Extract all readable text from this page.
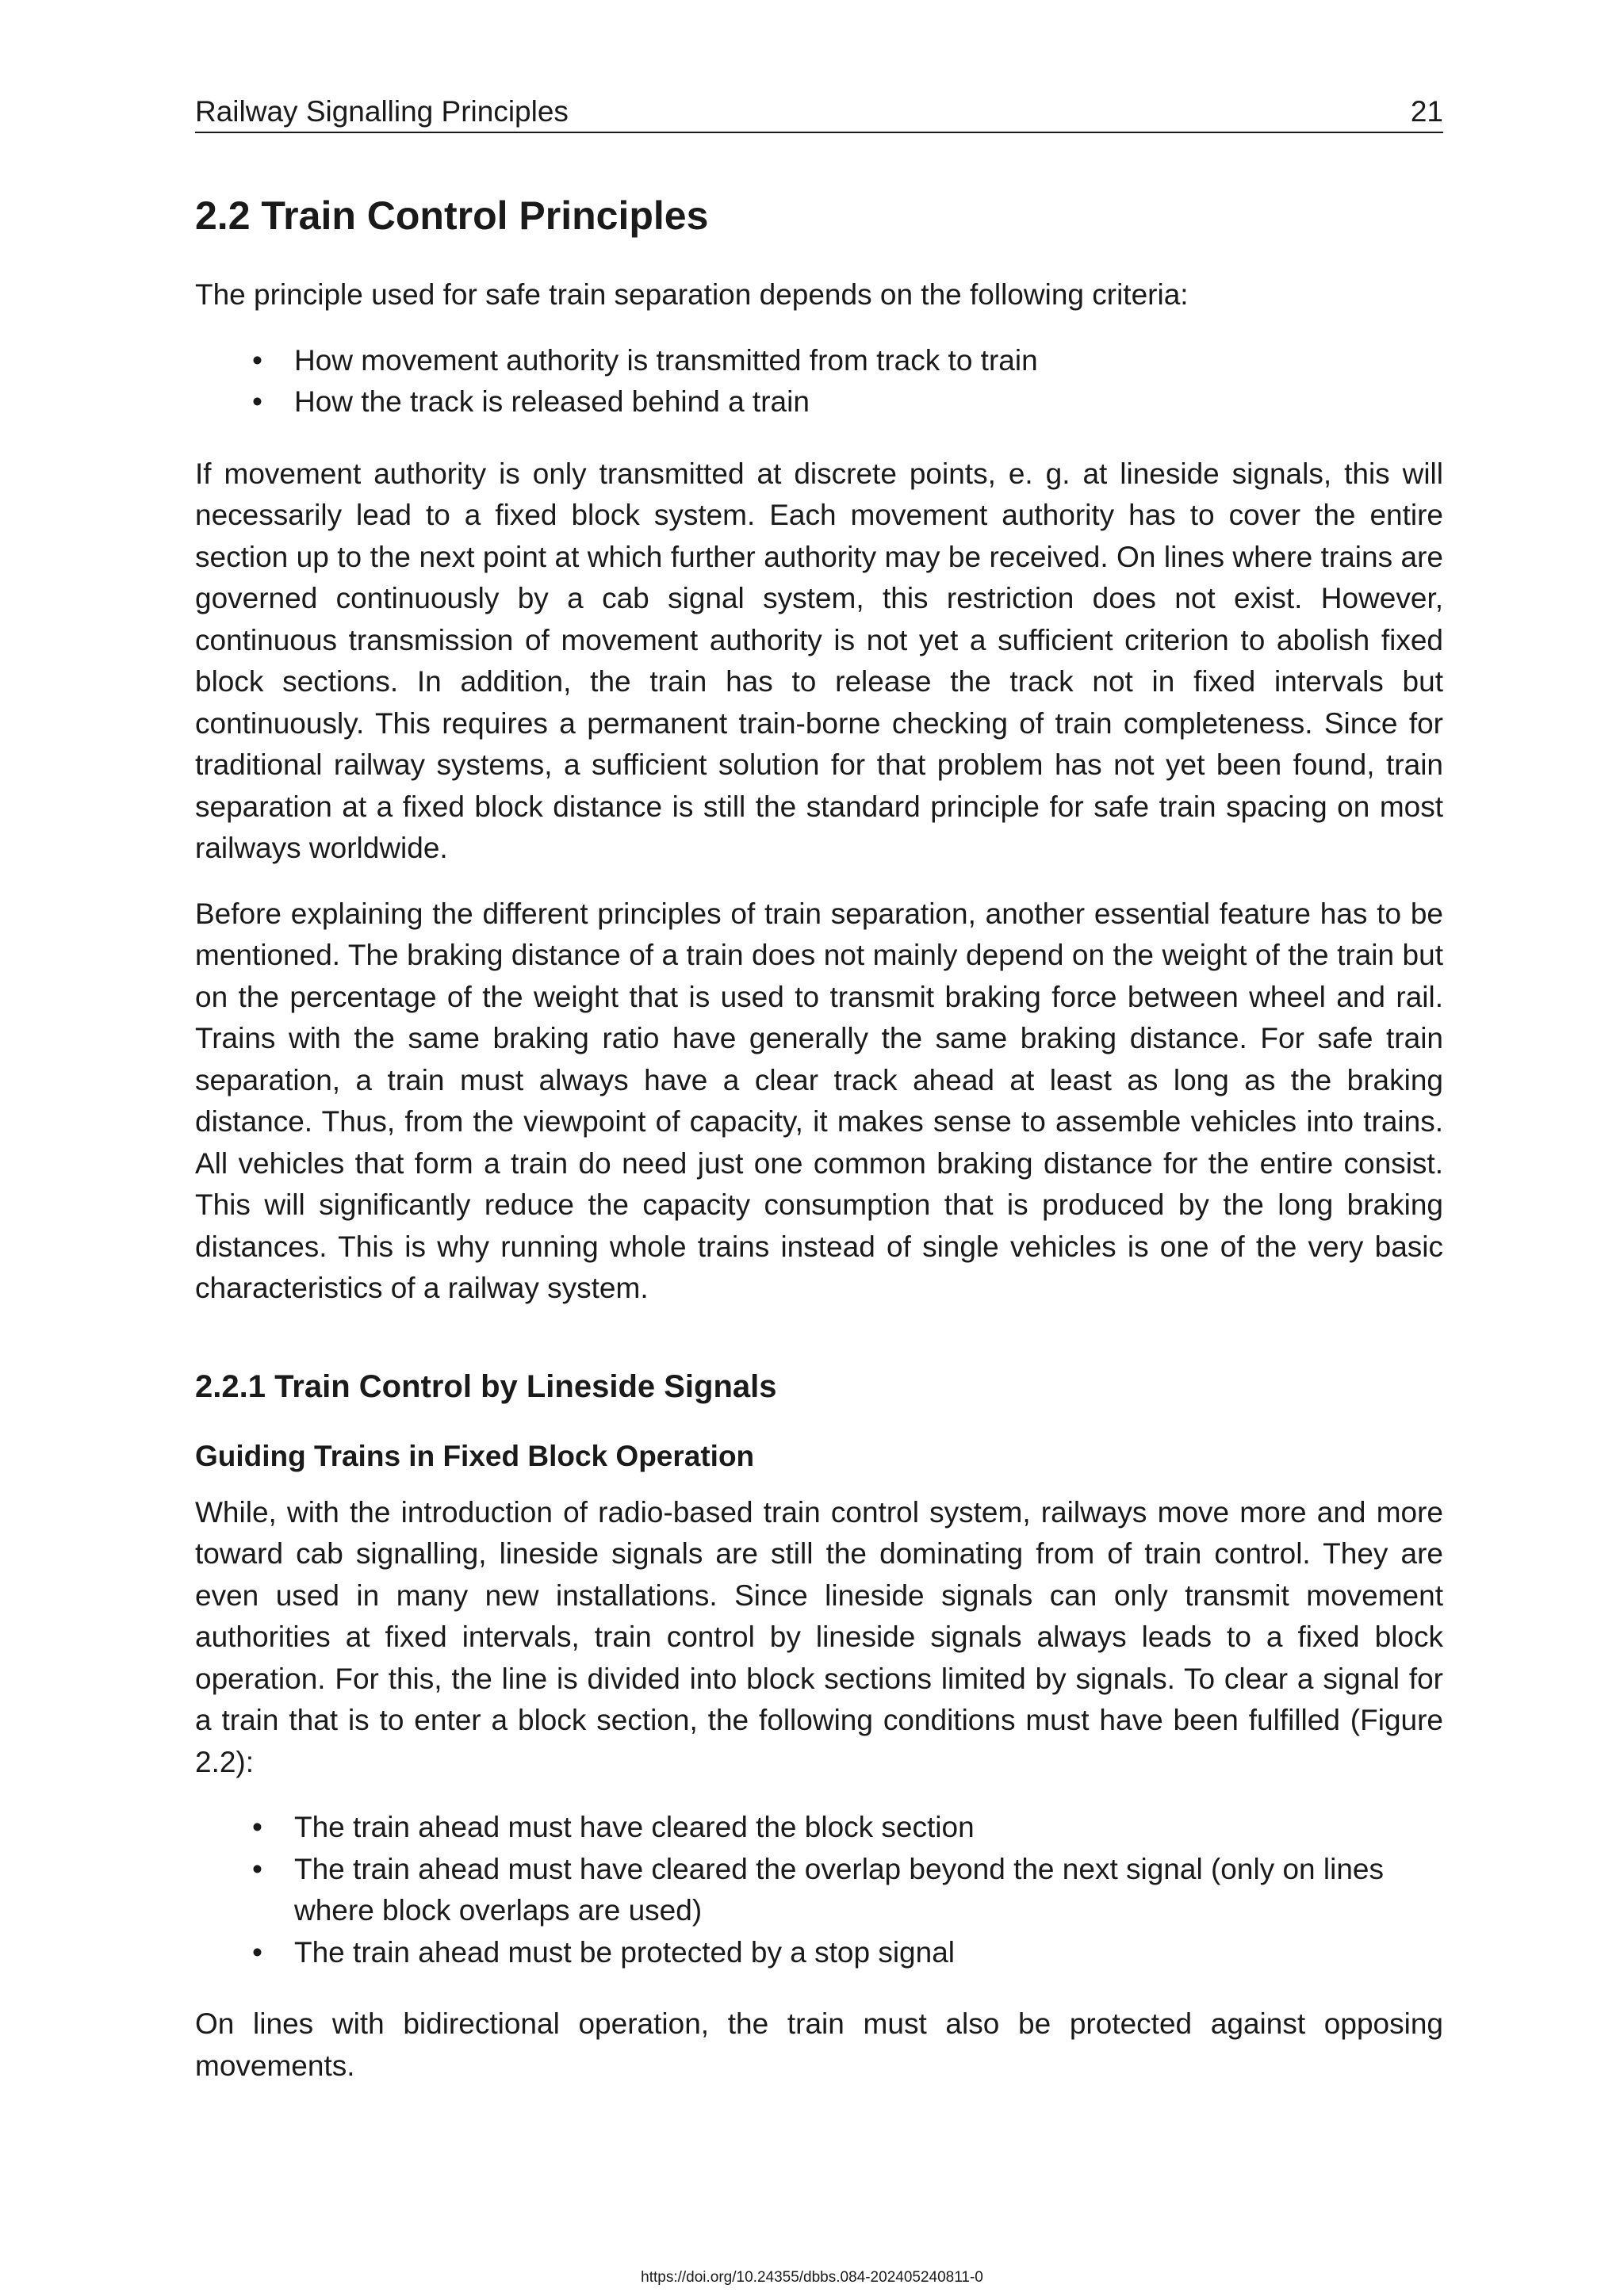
Railway Signalling Principles	21
2.2 Train Control Principles

The principle used for safe train separation depends on the following criteria:

• How movement authority is transmitted from track to train
• How the track is released behind a train

If movement authority is only transmitted at discrete points, e. g. at lineside signals, this will necessarily lead to a fixed block system. Each movement authority has to cover the entire section up to the next point at which further authority may be received. On lines where trains are governed continuously by a cab signal system, this restriction does not exist. However, continuous transmission of movement authority is not yet a sufficient criterion to abolish fixed block sections. In addition, the train has to release the track not in fixed intervals but continuously. This requires a permanent train-borne checking of train completeness. Since for traditional railway systems, a sufficient solution for that problem has not yet been found, train separation at a fixed block distance is still the standard principle for safe train spacing on most railways worldwide.

Before explaining the different principles of train separation, another essential feature has to be mentioned. The braking distance of a train does not mainly depend on the weight of the train but on the percentage of the weight that is used to transmit braking force between wheel and rail. Trains with the same braking ratio have generally the same braking distance. For safe train separation, a train must always have a clear track ahead at least as long as the braking distance. Thus, from the viewpoint of capacity, it makes sense to assemble vehicles into trains. All vehicles that form a train do need just one common braking distance for the entire consist. This will significantly reduce the capacity consumption that is produced by the long braking distances. This is why running whole trains instead of single vehicles is one of the very basic characteristics of a railway system.

2.2.1 Train Control by Lineside Signals
Guiding Trains in Fixed Block Operation

While, with the introduction of radio-based train control system, railways move more and more toward cab signalling, lineside signals are still the dominating from of train control. They are even used in many new installations. Since lineside signals can only transmit movement authorities at fixed intervals, train control by lineside signals always leads to a fixed block operation. For this, the line is divided into block sections limited by signals. To clear a signal for a train that is to enter a block section, the following conditions must have been fulfilled (Figure 2.2):

• The train ahead must have cleared the block section
• The train ahead must have cleared the overlap beyond the next signal (only on lines where block overlaps are used)
• The train ahead must be protected by a stop signal

On lines with bidirectional operation, the train must also be protected against opposing movements.

https://doi.org/10.24355/dbbs.084-202405240811-0
